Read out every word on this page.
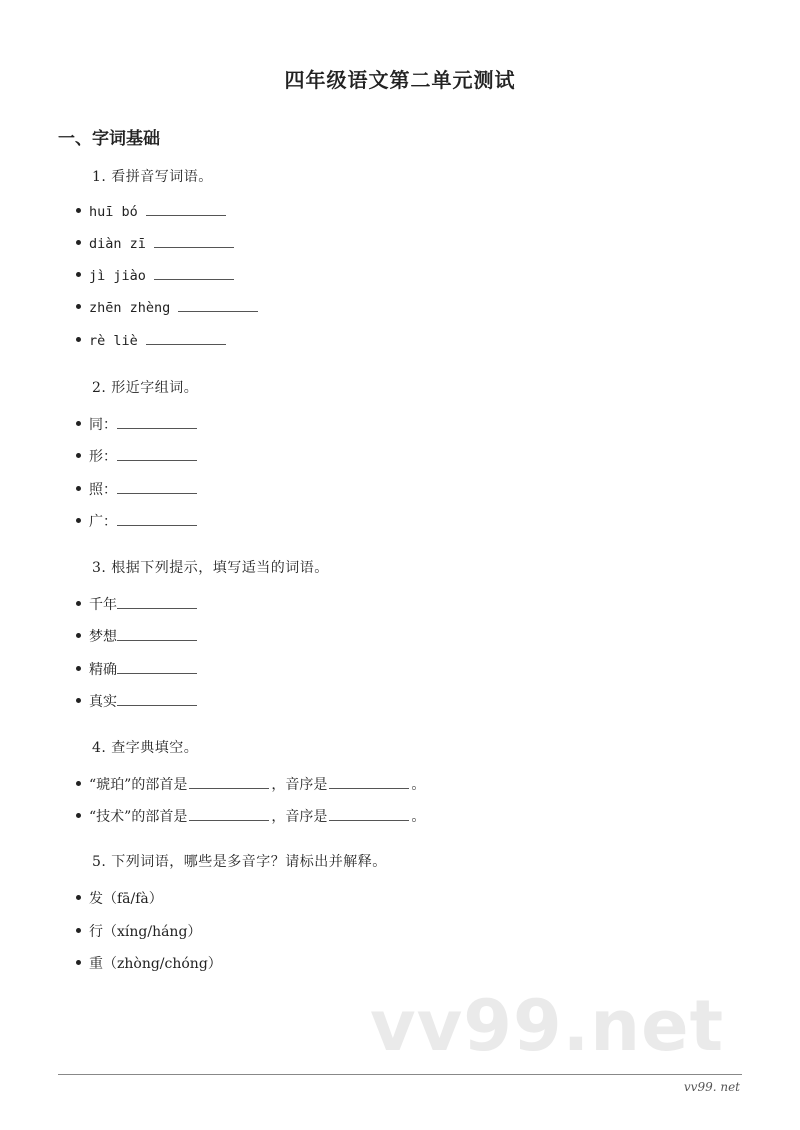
四年级语文第二单元测试
一、字词基础

1. 看拼音写词语。

huī bó
diàn zī
jì jiào
zhēn zhèng
rè liè

2. 形近字组词。

同：
形：
照：
广：

3. 根据下列提示，填写适当的词语。

千年
梦想
精确
真实

4. 查字典填空。

“琥珀”的部首是	，音序是	。
“技术”的部首是	，音序是	。

5. 下列词语，哪些是多音字？请标出并解释。

发（fā/fà）
行（xíng/háng）
重（zhòng/chóng）
vv99.net
vv99. net
